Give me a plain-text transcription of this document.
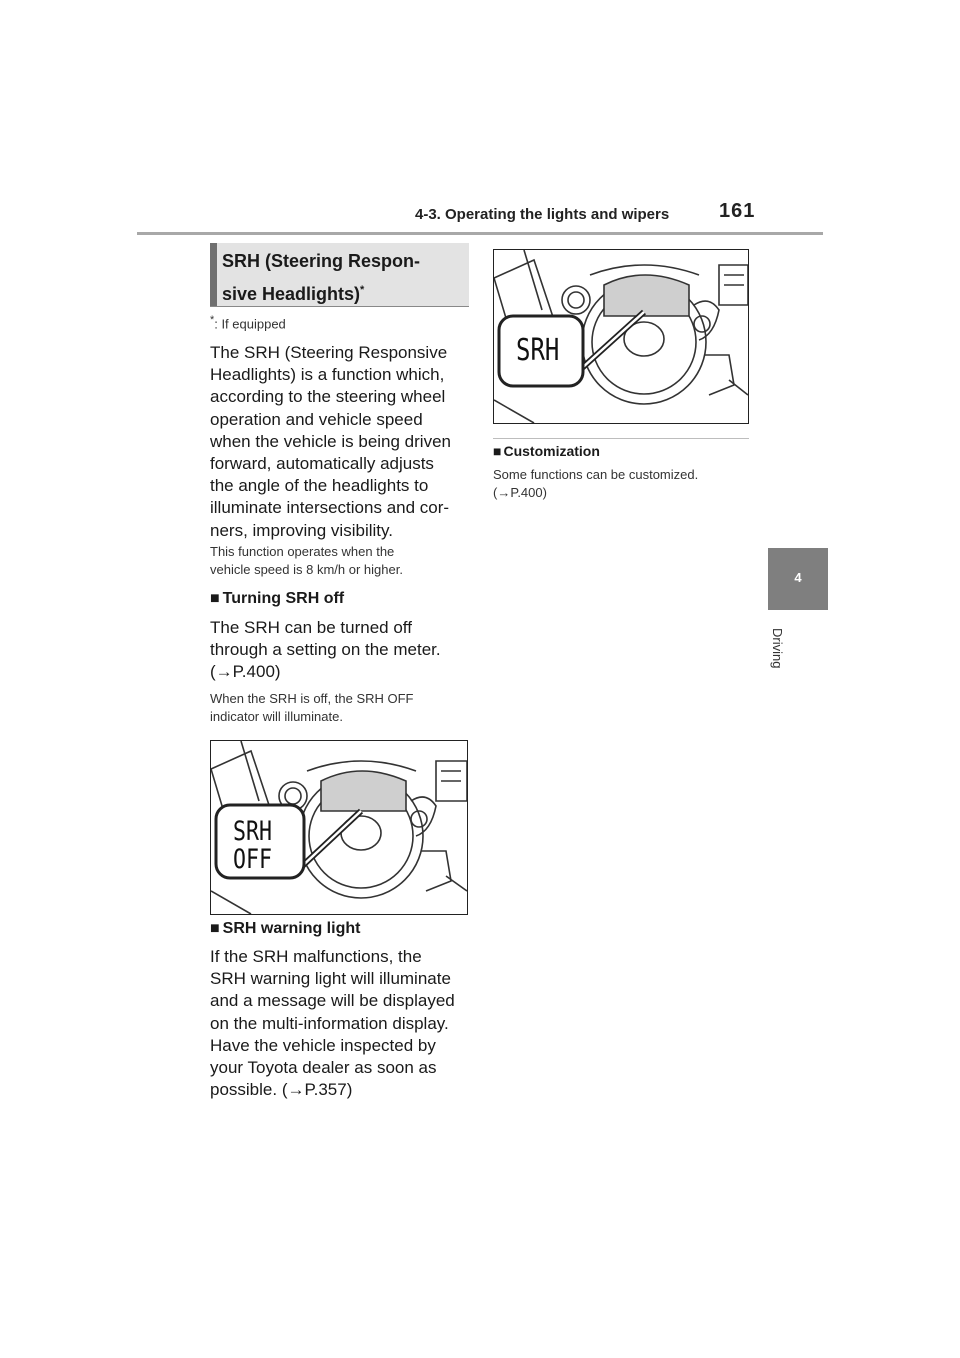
4-3. Operating the lights and wipers 161
4
Driving
SRH (Steering Respon-
sive Headlights)*
*: If equipped
The SRH (Steering Responsive
Headlights) is a function which,
according to the steering wheel
operation and vehicle speed
when the vehicle is being driven
forward, automatically adjusts
the angle of the headlights to
illuminate intersections and cor-
ners, improving visibility.
This function operates when the
vehicle speed is 8 km/h or higher.
■ Turning SRH off
The SRH can be turned off
through a setting on the meter.
(→P.400)
When the SRH is off, the SRH OFF
indicator will illuminate.
SRH
OFF
■ SRH warning light
If the SRH malfunctions, the
SRH warning light will illuminate
and a message will be displayed
on the multi-information display.
Have the vehicle inspected by
your Toyota dealer as soon as
possible. (→P.357)
SRH
■ Customization
Some functions can be customized.
(→P.400)
